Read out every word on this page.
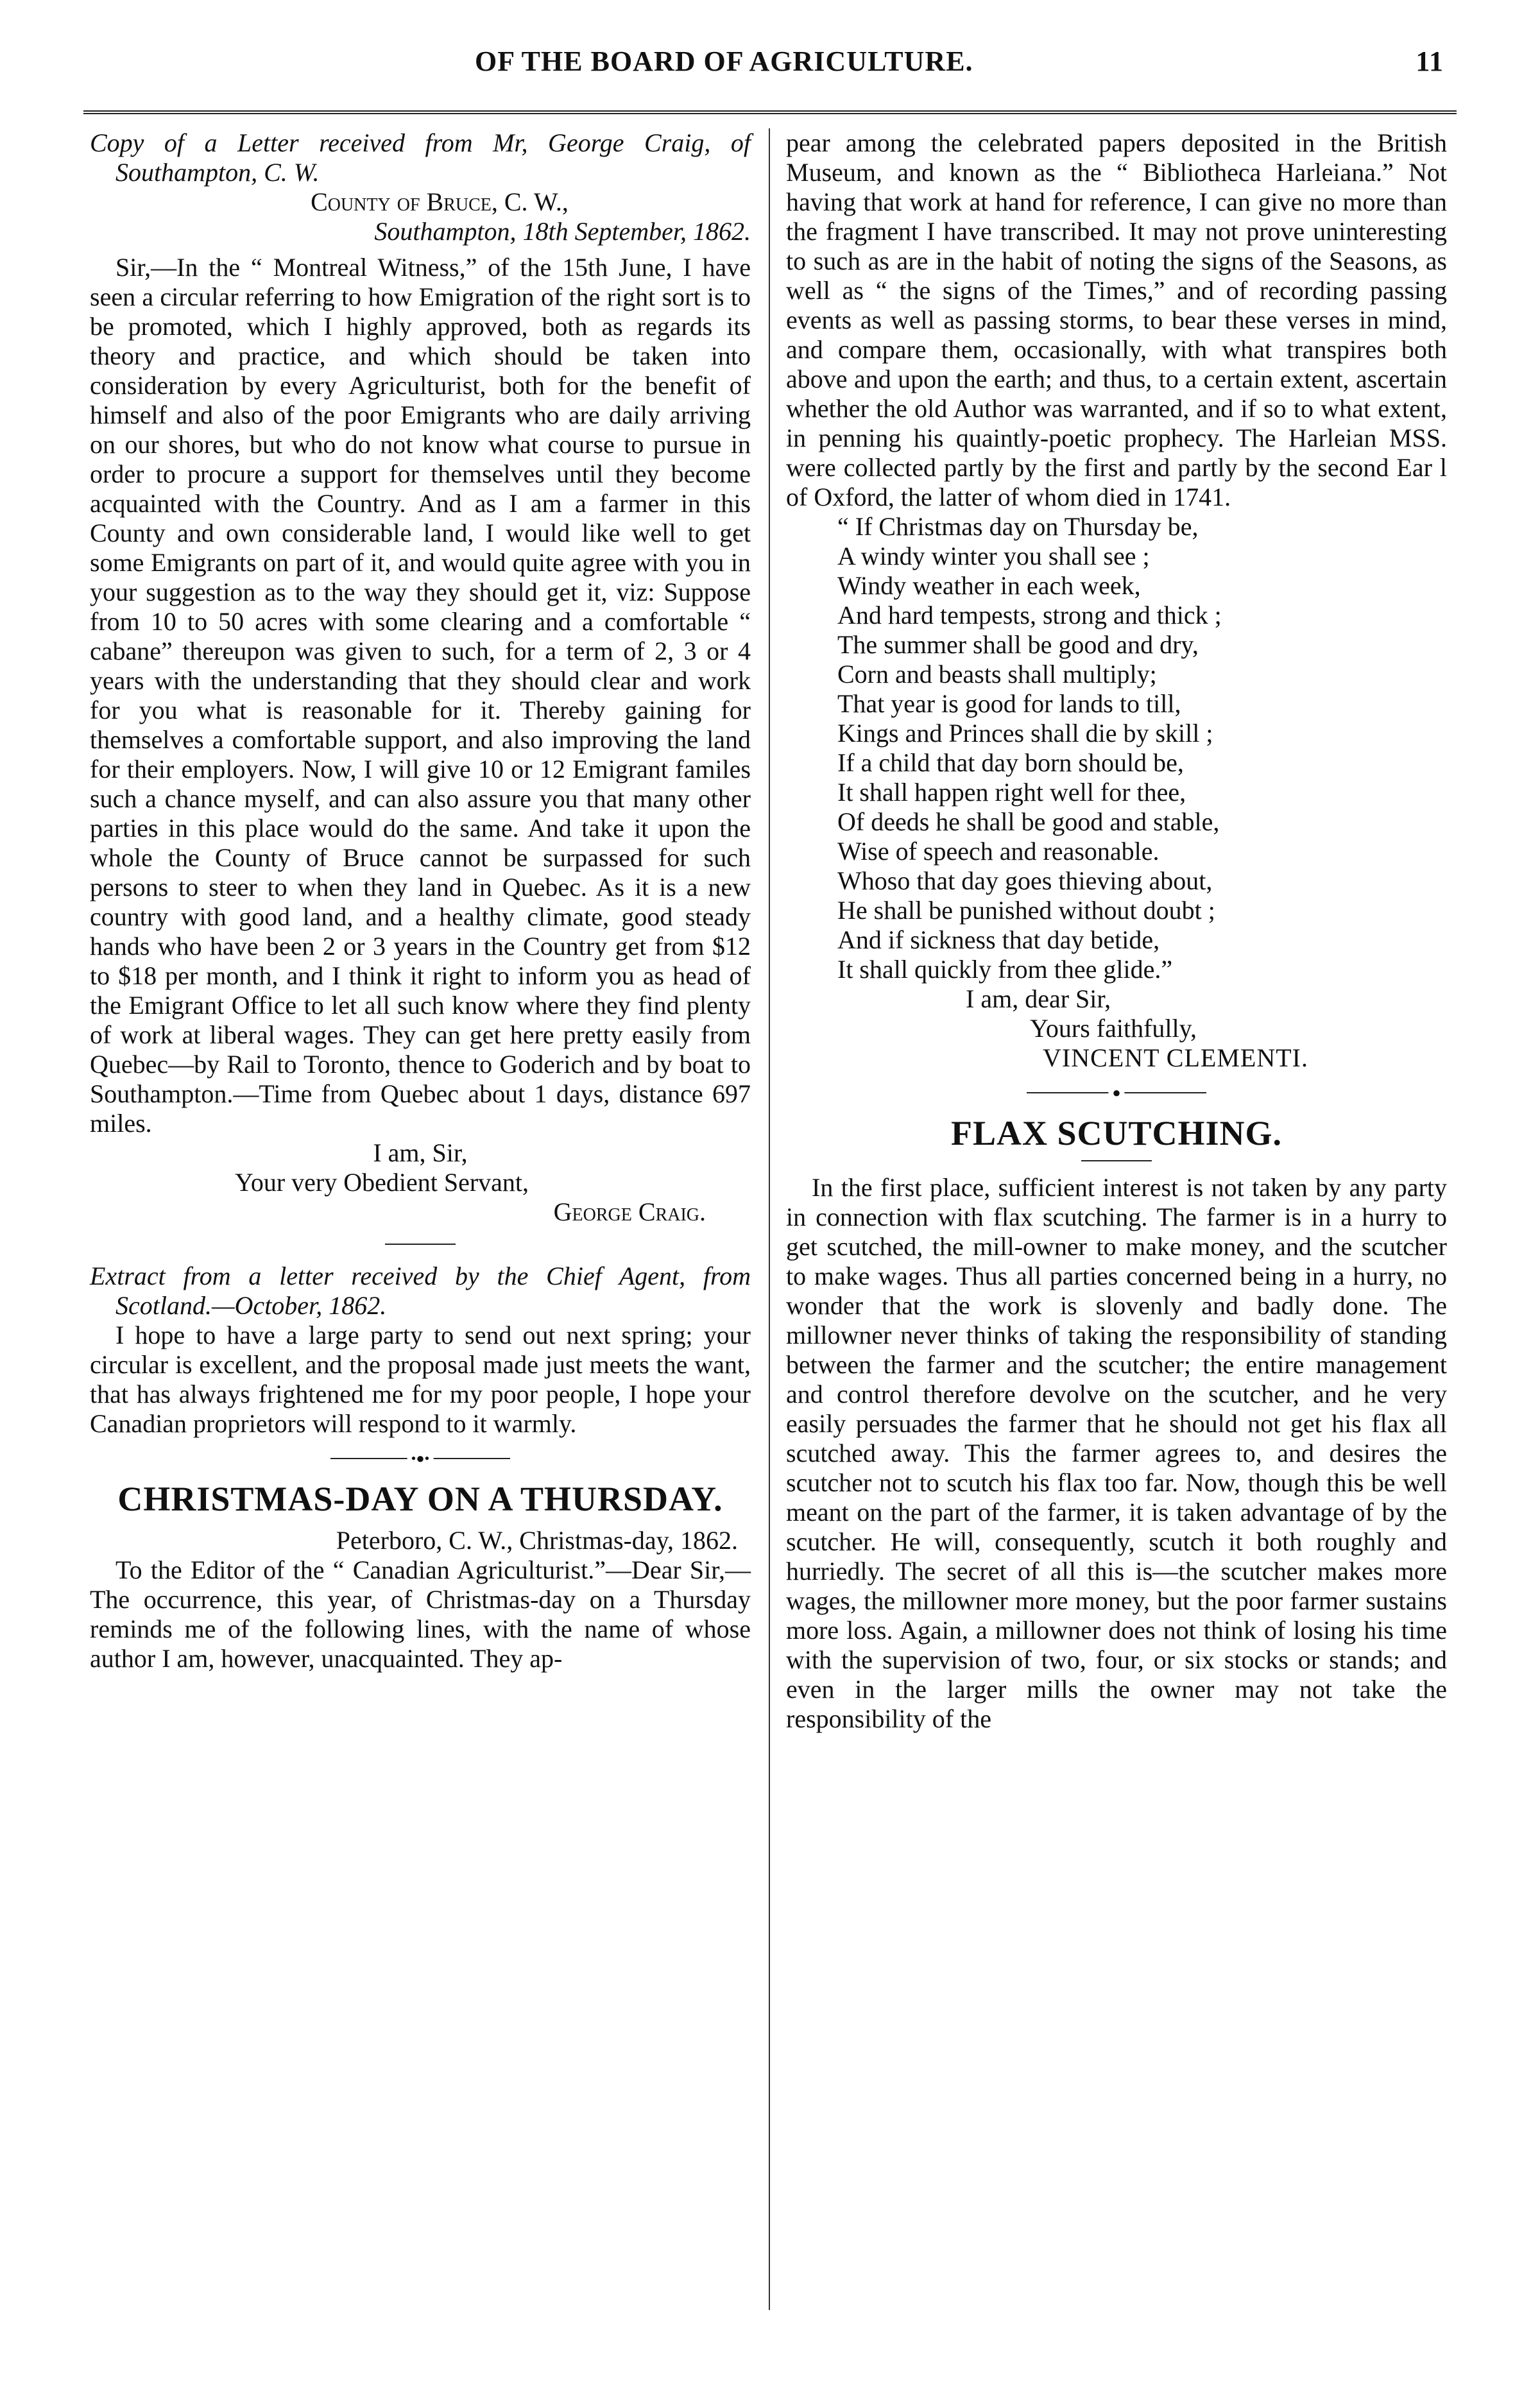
OF THE BOARD OF AGRICULTURE.	11

Copy of a Letter received from Mr, George Craig, of Southampton, C. W.

County of Bruce, C. W.,

Southampton, 18th September, 1862.

Sir,—In the “ Montreal Witness,” of the 15th June, I have seen a circular referring to how Emigration of the right sort is to be promoted, which I highly approved, both as regards its theory and practice, and which should be taken into consideration by every Agriculturist, both for the benefit of himself and also of the poor Emigrants who are daily arriving on our shores, but who do not know what course to pursue in order to procure a support for themselves until they become acquainted with the Country. And as I am a farmer in this County and own considerable land, I would like well to get some Emigrants on part of it, and would quite agree with you in your suggestion as to the way they should get it, viz: Suppose from 10 to 50 acres with some clearing and a comfortable “ cabane” thereupon was given to such, for a term of 2, 3 or 4 years with the understanding that they should clear and work for you what is reasonable for it. Thereby gaining for themselves a comfortable support, and also improving the land for their employers. Now, I will give 10 or 12 Emigrant familes such a chance myself, and can also assure you that many other parties in this place would do the same. And take it upon the whole the County of Bruce cannot be surpassed for such persons to steer to when they land in Quebec. As it is a new country with good land, and a healthy climate, good steady hands who have been 2 or 3 years in the Country get from $12 to $18 per month, and I think it right to inform you as head of the Emigrant Office to let all such know where they find plenty of work at liberal wages. They can get here pretty easily from Quebec—by Rail to Toronto, thence to Goderich and by boat to Southampton.—Time from Quebec about 1 days, distance 697 miles.

I am, Sir,

Your very Obedient Servant,

George Craig.

Extract from a letter received by the Chief Agent, from Scotland.—October, 1862.

I hope to have a large party to send out next spring; your circular is excellent, and the proposal made just meets the want, that has always frightened me for my poor people, I hope your Canadian proprietors will respond to it warmly.

•●•

CHRISTMAS-DAY ON A THURSDAY.

Peterboro, C. W., Christmas-day, 1862.

To the Editor of the “ Canadian Agriculturist.”—Dear Sir,—The occurrence, this year, of Christmas-day on a Thursday reminds me of the following lines, with the name of whose author I am, however, unacquainted. They ap-

pear among the celebrated papers deposited in the British Museum, and known as the “ Bibliotheca Harleiana.” Not having that work at hand for reference, I can give no more than the fragment I have transcribed. It may not prove uninteresting to such as are in the habit of noting the signs of the Seasons, as well as “ the signs of the Times,” and of recording passing events as well as passing storms, to bear these verses in mind, and compare them, occasionally, with what transpires both above and upon the earth; and thus, to a certain extent, ascertain whether the old Author was warranted, and if so to what extent, in penning his quaintly-poetic prophecy. The Harleian MSS. were collected partly by the first and partly by the second Ear l of Oxford, the latter of whom died in 1741.

“ If Christmas day on Thursday be,

A windy winter you shall see ;

Windy weather in each week,

And hard tempests, strong and thick ;

The summer shall be good and dry,

Corn and beasts shall multiply;

That year is good for lands to till,

Kings and Princes shall die by skill ;

If a child that day born should be,

It shall happen right well for thee,

Of deeds he shall be good and stable,

Wise of speech and reasonable.

Whoso that day goes thieving about,

He shall be punished without doubt ;

And if sickness that day betide,

It shall quickly from thee glide.”

I am, dear Sir,

Yours faithfully,

VINCENT CLEMENTI.

●

FLAX SCUTCHING.

In the first place, sufficient interest is not taken by any party in connection with flax scutching. The farmer is in a hurry to get scutched, the mill-owner to make money, and the scutcher to make wages. Thus all parties concerned being in a hurry, no wonder that the work is slovenly and badly done. The millowner never thinks of taking the responsibility of standing between the farmer and the scutcher; the entire management and control therefore devolve on the scutcher, and he very easily persuades the farmer that he should not get his flax all scutched away. This the farmer agrees to, and desires the scutcher not to scutch his flax too far. Now, though this be well meant on the part of the farmer, it is taken advantage of by the scutcher. He will, consequently, scutch it both roughly and hurriedly. The secret of all this is—the scutcher makes more wages, the millowner more money, but the poor farmer sustains more loss. Again, a millowner does not think of losing his time with the supervision of two, four, or six stocks or stands; and even in the larger mills the owner may not take the responsibility of the
